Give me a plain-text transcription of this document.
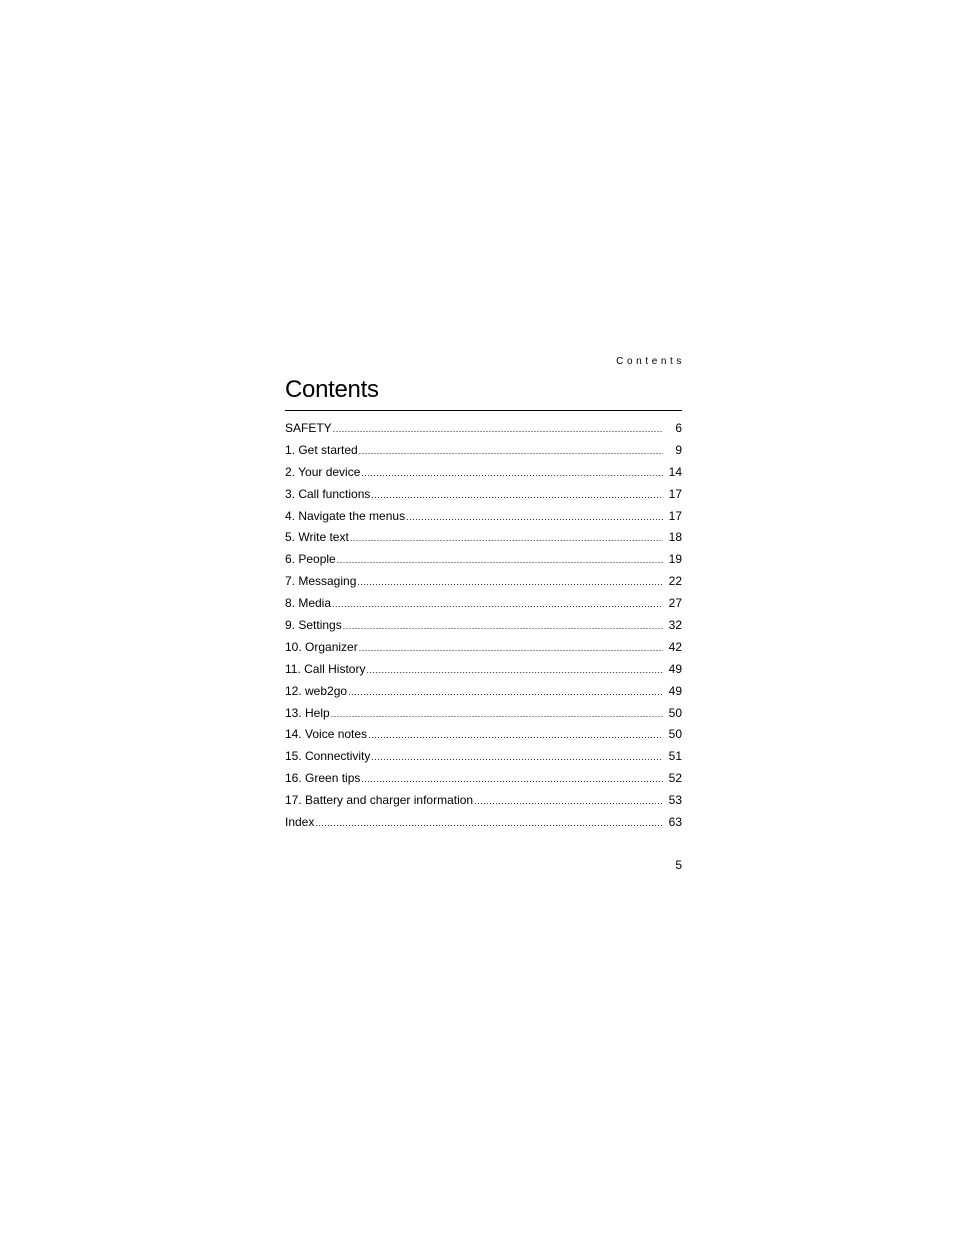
Contents
Contents
SAFETY .....	6
1. Get started .....	9
2. Your device .....	14
3. Call functions .....	17
4. Navigate the menus .....	17
5. Write text .....	18
6. People .....	19
7. Messaging .....	22
8. Media .....	27
9. Settings .....	32
10. Organizer .....	42
11. Call History .....	49
12. web2go .....	49
13. Help .....	50
14. Voice notes .....	50
15. Connectivity .....	51
16. Green tips .....	52
17. Battery and charger information .....	53
Index .....	63
5
